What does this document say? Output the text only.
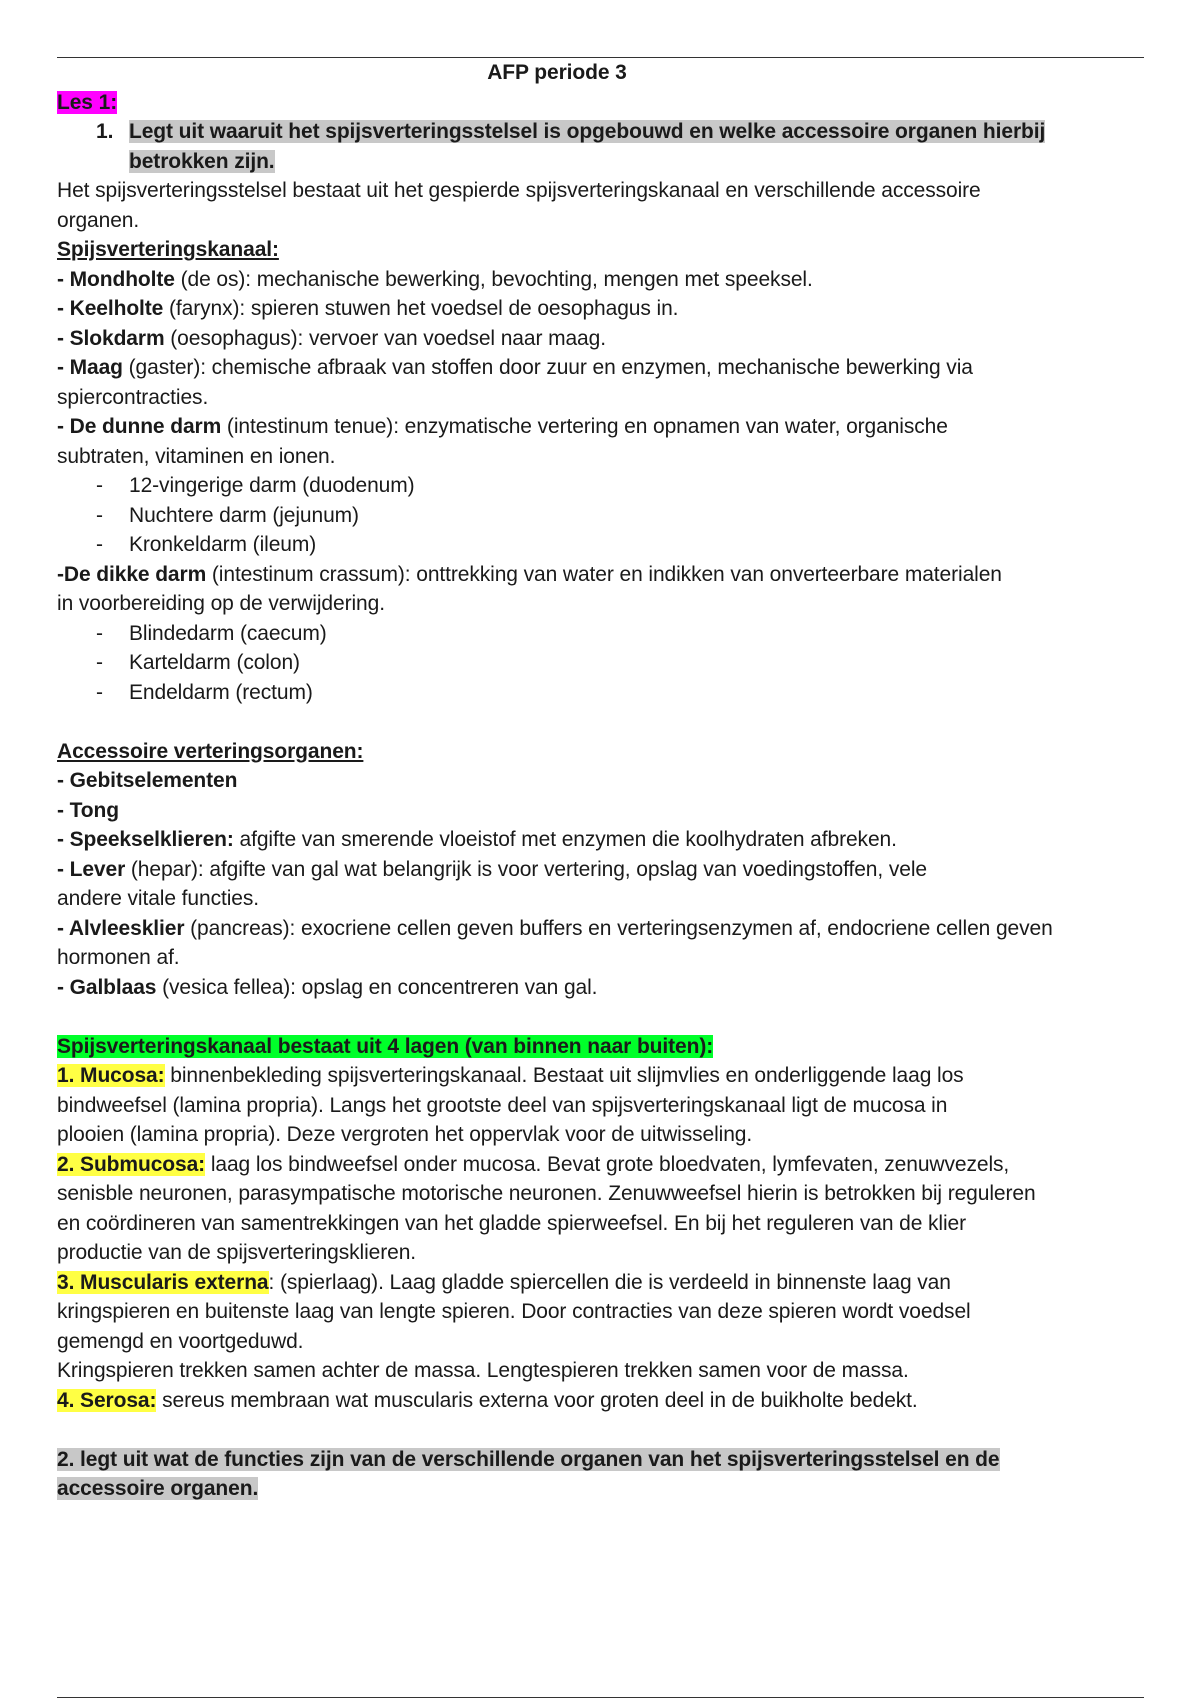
AFP periode 3
Les 1:
1. Legt uit waaruit het spijsverteringsstelsel is opgebouwd en welke accessoire organen hierbij
betrokken zijn.

Het spijsverteringsstelsel bestaat uit het gespierde spijsverteringskanaal en verschillende accessoire organen.

Spijsverteringskanaal:

- Mondholte (de os): mechanische bewerking, bevochting, mengen met speeksel.

- Keelholte (farynx): spieren stuwen het voedsel de oesophagus in.

- Slokdarm (oesophagus): vervoer van voedsel naar maag.

- Maag (gaster): chemische afbraak van stoffen door zuur en enzymen, mechanische bewerking via spiercontracties.

- De dunne darm (intestinum tenue): enzymatische vertering en opnamen van water, organische subtraten, vitaminen en ionen.

-	12-vingerige darm (duodenum)
-	Nuchtere darm (jejunum)
-	Kronkeldarm (ileum)

-De dikke darm (intestinum crassum): onttrekking van water en indikken van onverteerbare materialen in voorbereiding op de verwijdering.

-	Blindedarm (caecum)
-	Karteldarm (colon)
-	Endeldarm (rectum)

Accessoire verteringsorganen:

- Gebitselementen

- Tong

- Speekselklieren: afgifte van smerende vloeistof met enzymen die koolhydraten afbreken.

- Lever (hepar): afgifte van gal wat belangrijk is voor vertering, opslag van voedingstoffen, vele andere vitale functies.

- Alvleesklier (pancreas): exocriene cellen geven buffers en verteringsenzymen af, endocriene cellen geven hormonen af.

- Galblaas (vesica fellea): opslag en concentreren van gal.

Spijsverteringskanaal bestaat uit 4 lagen (van binnen naar buiten):

1. Mucosa: binnenbekleding spijsverteringskanaal. Bestaat uit slijmvlies en onderliggende laag los bindweefsel (lamina propria). Langs het grootste deel van spijsverteringskanaal ligt de mucosa in plooien (lamina propria). Deze vergroten het oppervlak voor de uitwisseling.

2. Submucosa: laag los bindweefsel onder mucosa. Bevat grote bloedvaten, lymfevaten, zenuwvezels, senisble neuronen, parasympatische motorische neuronen. Zenuwweefsel hierin is betrokken bij reguleren en coördineren van samentrekkingen van het gladde spierweefsel. En bij het reguleren van de klier productie van de spijsverteringsklieren.

3. Muscularis externa: (spierlaag). Laag gladde spiercellen die is verdeeld in binnenste laag van kringspieren en buitenste laag van lengte spieren. Door contracties van deze spieren wordt voedsel gemengd en voortgeduwd.

Kringspieren trekken samen achter de massa. Lengtespieren trekken samen voor de massa.

4. Serosa: sereus membraan wat muscularis externa voor groten deel in de buikholte bedekt.

2. legt uit wat de functies zijn van de verschillende organen van het spijsverteringsstelsel en de
accessoire organen.
